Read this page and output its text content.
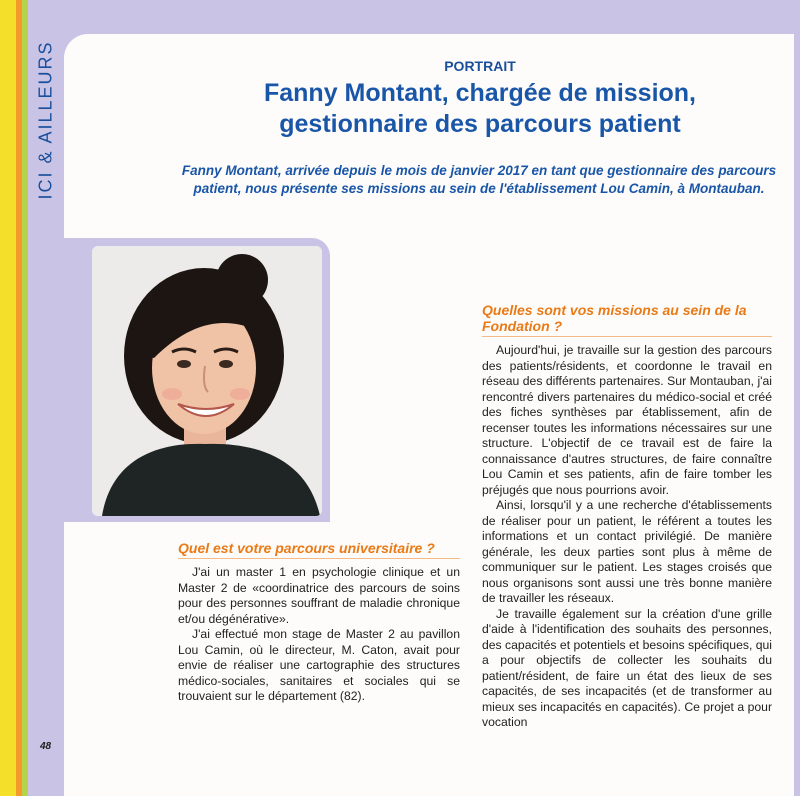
ICI & AILLEURS	PORTRAIT
Fanny Montant, chargée de mission,
gestionnaire des parcours patient
Fanny Montant, arrivée depuis le mois de janvier 2017 en tant que gestionnaire des parcours patient, nous présente ses missions au sein de l'établissement Lou Camin, à Montauban.
Quel est votre parcours universitaire ?

J'ai un master 1 en psychologie clinique et un Master 2 de «coordinatrice des parcours de soins pour des personnes souffrant de maladie chronique et/ou dégénérative».

J'ai effectué mon stage de Master 2 au pavillon Lou Camin, où le directeur, M. Caton, avait pour envie de réaliser une cartographie des structures médico-sociales, sanitaires et sociales qui se trouvaient sur le département (82).

Quelles sont vos missions au sein de la Fondation ?

Aujourd'hui, je travaille sur la gestion des parcours des patients/résidents, et coordonne le travail en réseau des différents partenaires. Sur Montauban, j'ai rencontré divers partenaires du médico-social et créé des fiches synthèses par établissement, afin de recenser toutes les informations nécessaires sur une structure. L'objectif de ce travail est de faire la connaissance d'autres structures, de faire connaître Lou Camin et ses patients, afin de faire tomber les préjugés que nous pourrions avoir.

Ainsi, lorsqu'il y a une recherche d'établissements de réaliser pour un patient, le référent a toutes les informations et un contact privilégié. De manière générale, les deux parties sont plus à même de communiquer sur le patient. Les stages croisés que nous organisons sont aussi une très bonne manière de travailler les réseaux.

Je travaille également sur la création d'une grille d'aide à l'identification des souhaits des personnes, des capacités et potentiels et besoins spécifiques, qui a pour objectifs de collecter les souhaits du patient/résident, de faire un état des lieux de ses capacités, de ses incapacités (et de transformer au mieux ses incapacités en capacités). Ce projet a pour vocation

48
